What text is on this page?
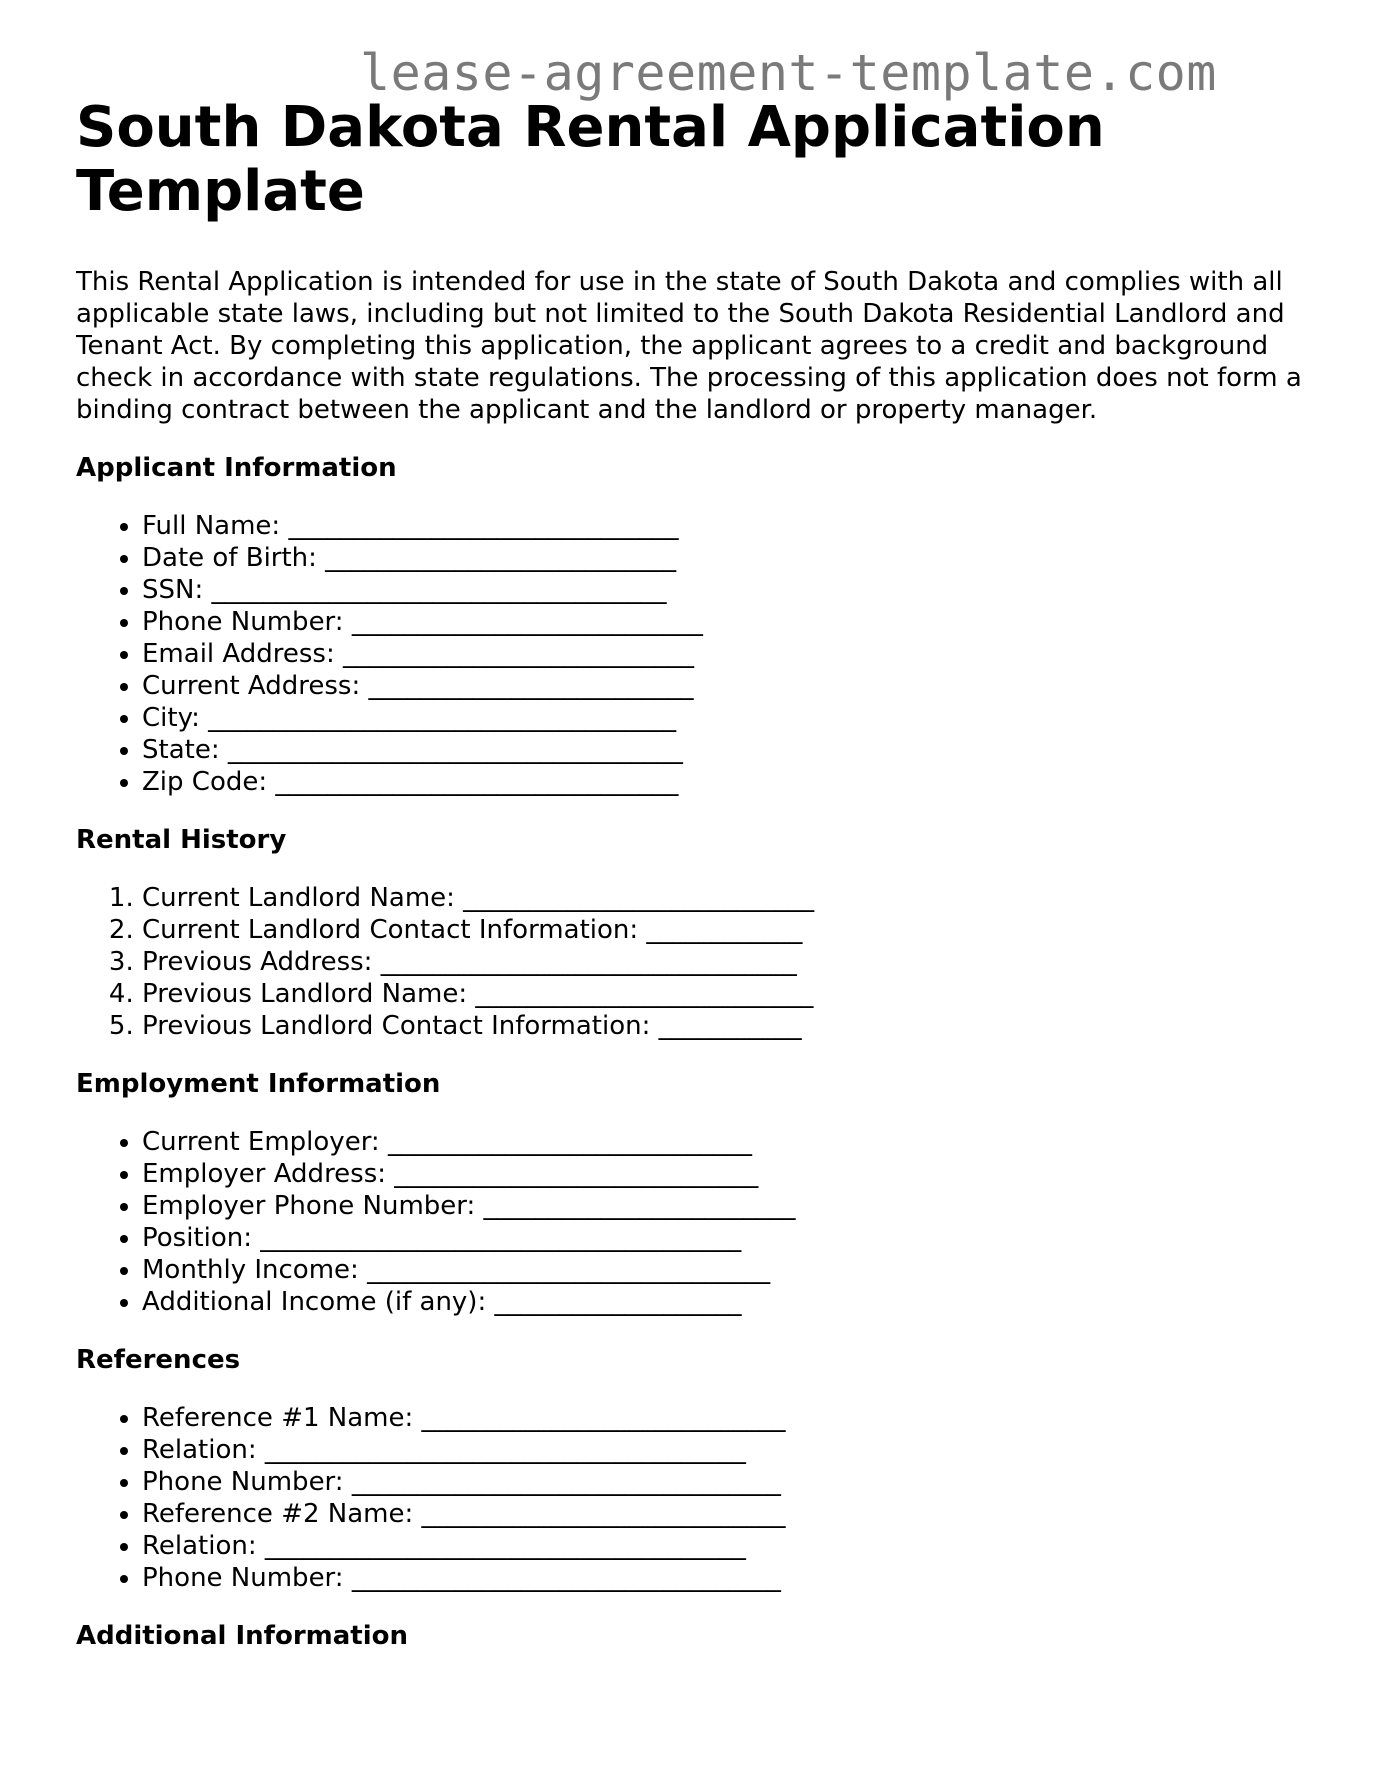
lease-agreement-template.com

South Dakota Rental Application Template

This Rental Application is intended for use in the state of South Dakota and complies with all applicable state laws, including but not limited to the South Dakota Residential Landlord and Tenant Act. By completing this application, the applicant agrees to a credit and background check in accordance with state regulations. The processing of this application does not form a binding contract between the applicant and the landlord or property manager.

Applicant Information
• Full Name: ______________________________
• Date of Birth: ___________________________
• SSN: ___________________________________
• Phone Number: ___________________________
• Email Address: ___________________________
• Current Address: _________________________
• City: ____________________________________
• State: ___________________________________
• Zip Code: _______________________________
Rental History
1. Current Landlord Name: ___________________________
2. Current Landlord Contact Information: ____________
3. Previous Address: ________________________________
4. Previous Landlord Name: __________________________
5. Previous Landlord Contact Information: ___________
Employment Information
• Current Employer: ____________________________
• Employer Address: ____________________________
• Employer Phone Number: ________________________
• Position: _____________________________________
• Monthly Income: _______________________________
• Additional Income (if any): ___________________
References
• Reference #1 Name: ____________________________
• Relation: _____________________________________
• Phone Number: _________________________________
• Reference #2 Name: ____________________________
• Relation: _____________________________________
• Phone Number: _________________________________
Additional Information
